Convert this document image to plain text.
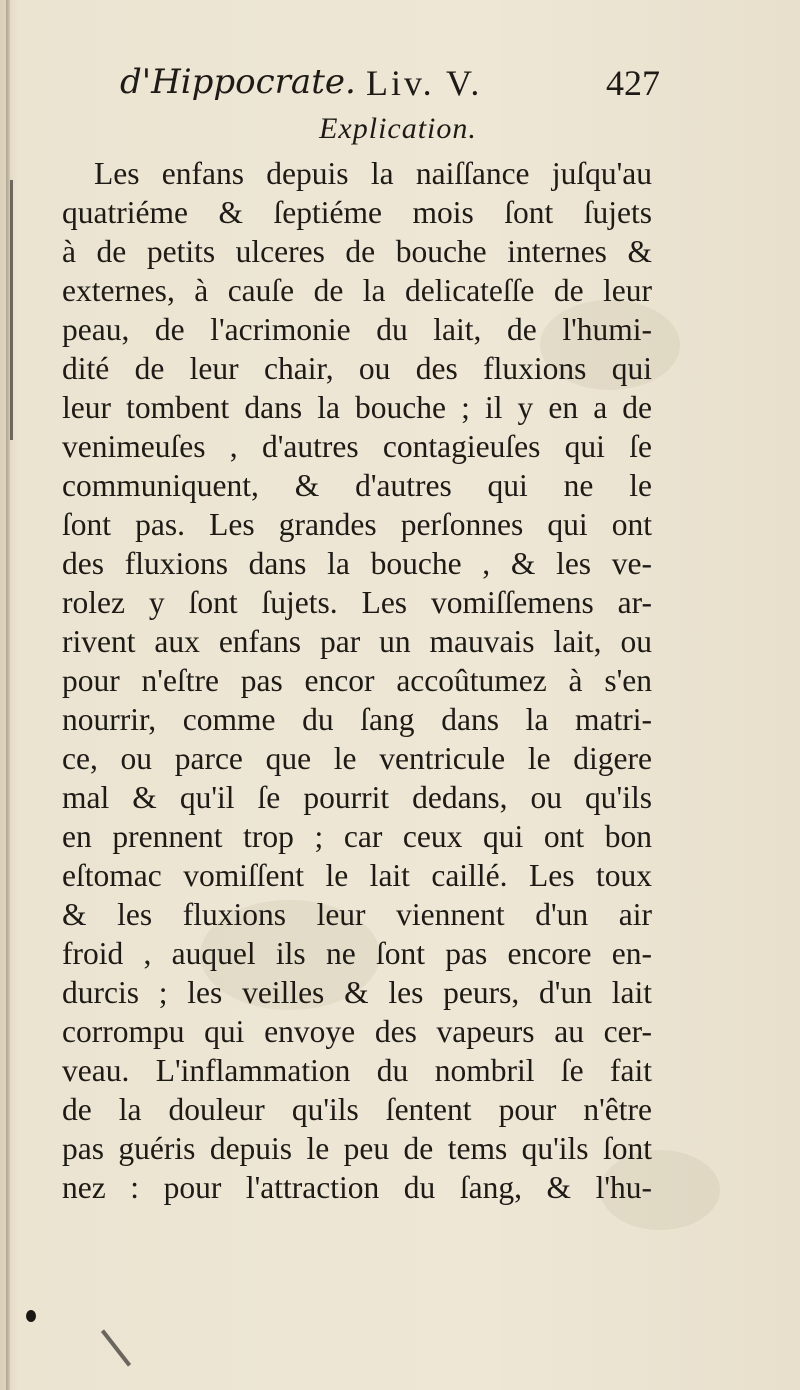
d'Hippocrate. Liv. V.	427
Explication.
Les enfans depuis la naiſſance juſqu'au
quatriéme & ſeptiéme mois ſont ſujets
à de petits ulceres de bouche internes &
externes, à cauſe de la delicateſſe de leur
peau, de l'acrimonie du lait, de l'humi-
dité de leur chair, ou des fluxions qui
leur tombent dans la bouche ; il y en a de
venimeuſes , d'autres contagieuſes qui ſe
communiquent, & d'autres qui ne le
ſont pas. Les grandes perſonnes qui ont
des fluxions dans la bouche , & les ve-
rolez y ſont ſujets. Les vomiſſemens ar-
rivent aux enfans par un mauvais lait, ou
pour n'eſtre pas encor accoûtumez à s'en
nourrir, comme du ſang dans la matri-
ce, ou parce que le ventricule le digere
mal & qu'il ſe pourrit dedans, ou qu'ils
en prennent trop ; car ceux qui ont bon
eſtomac vomiſſent le lait caillé. Les toux
& les fluxions leur viennent d'un air
froid , auquel ils ne ſont pas encore en-
durcis ; les veilles & les peurs, d'un lait
corrompu qui envoye des vapeurs au cer-
veau. L'inflammation du nombril ſe fait
de la douleur qu'ils ſentent pour n'être
pas guéris depuis le peu de tems qu'ils ſont
nez : pour l'attraction du ſang, & l'hu-
